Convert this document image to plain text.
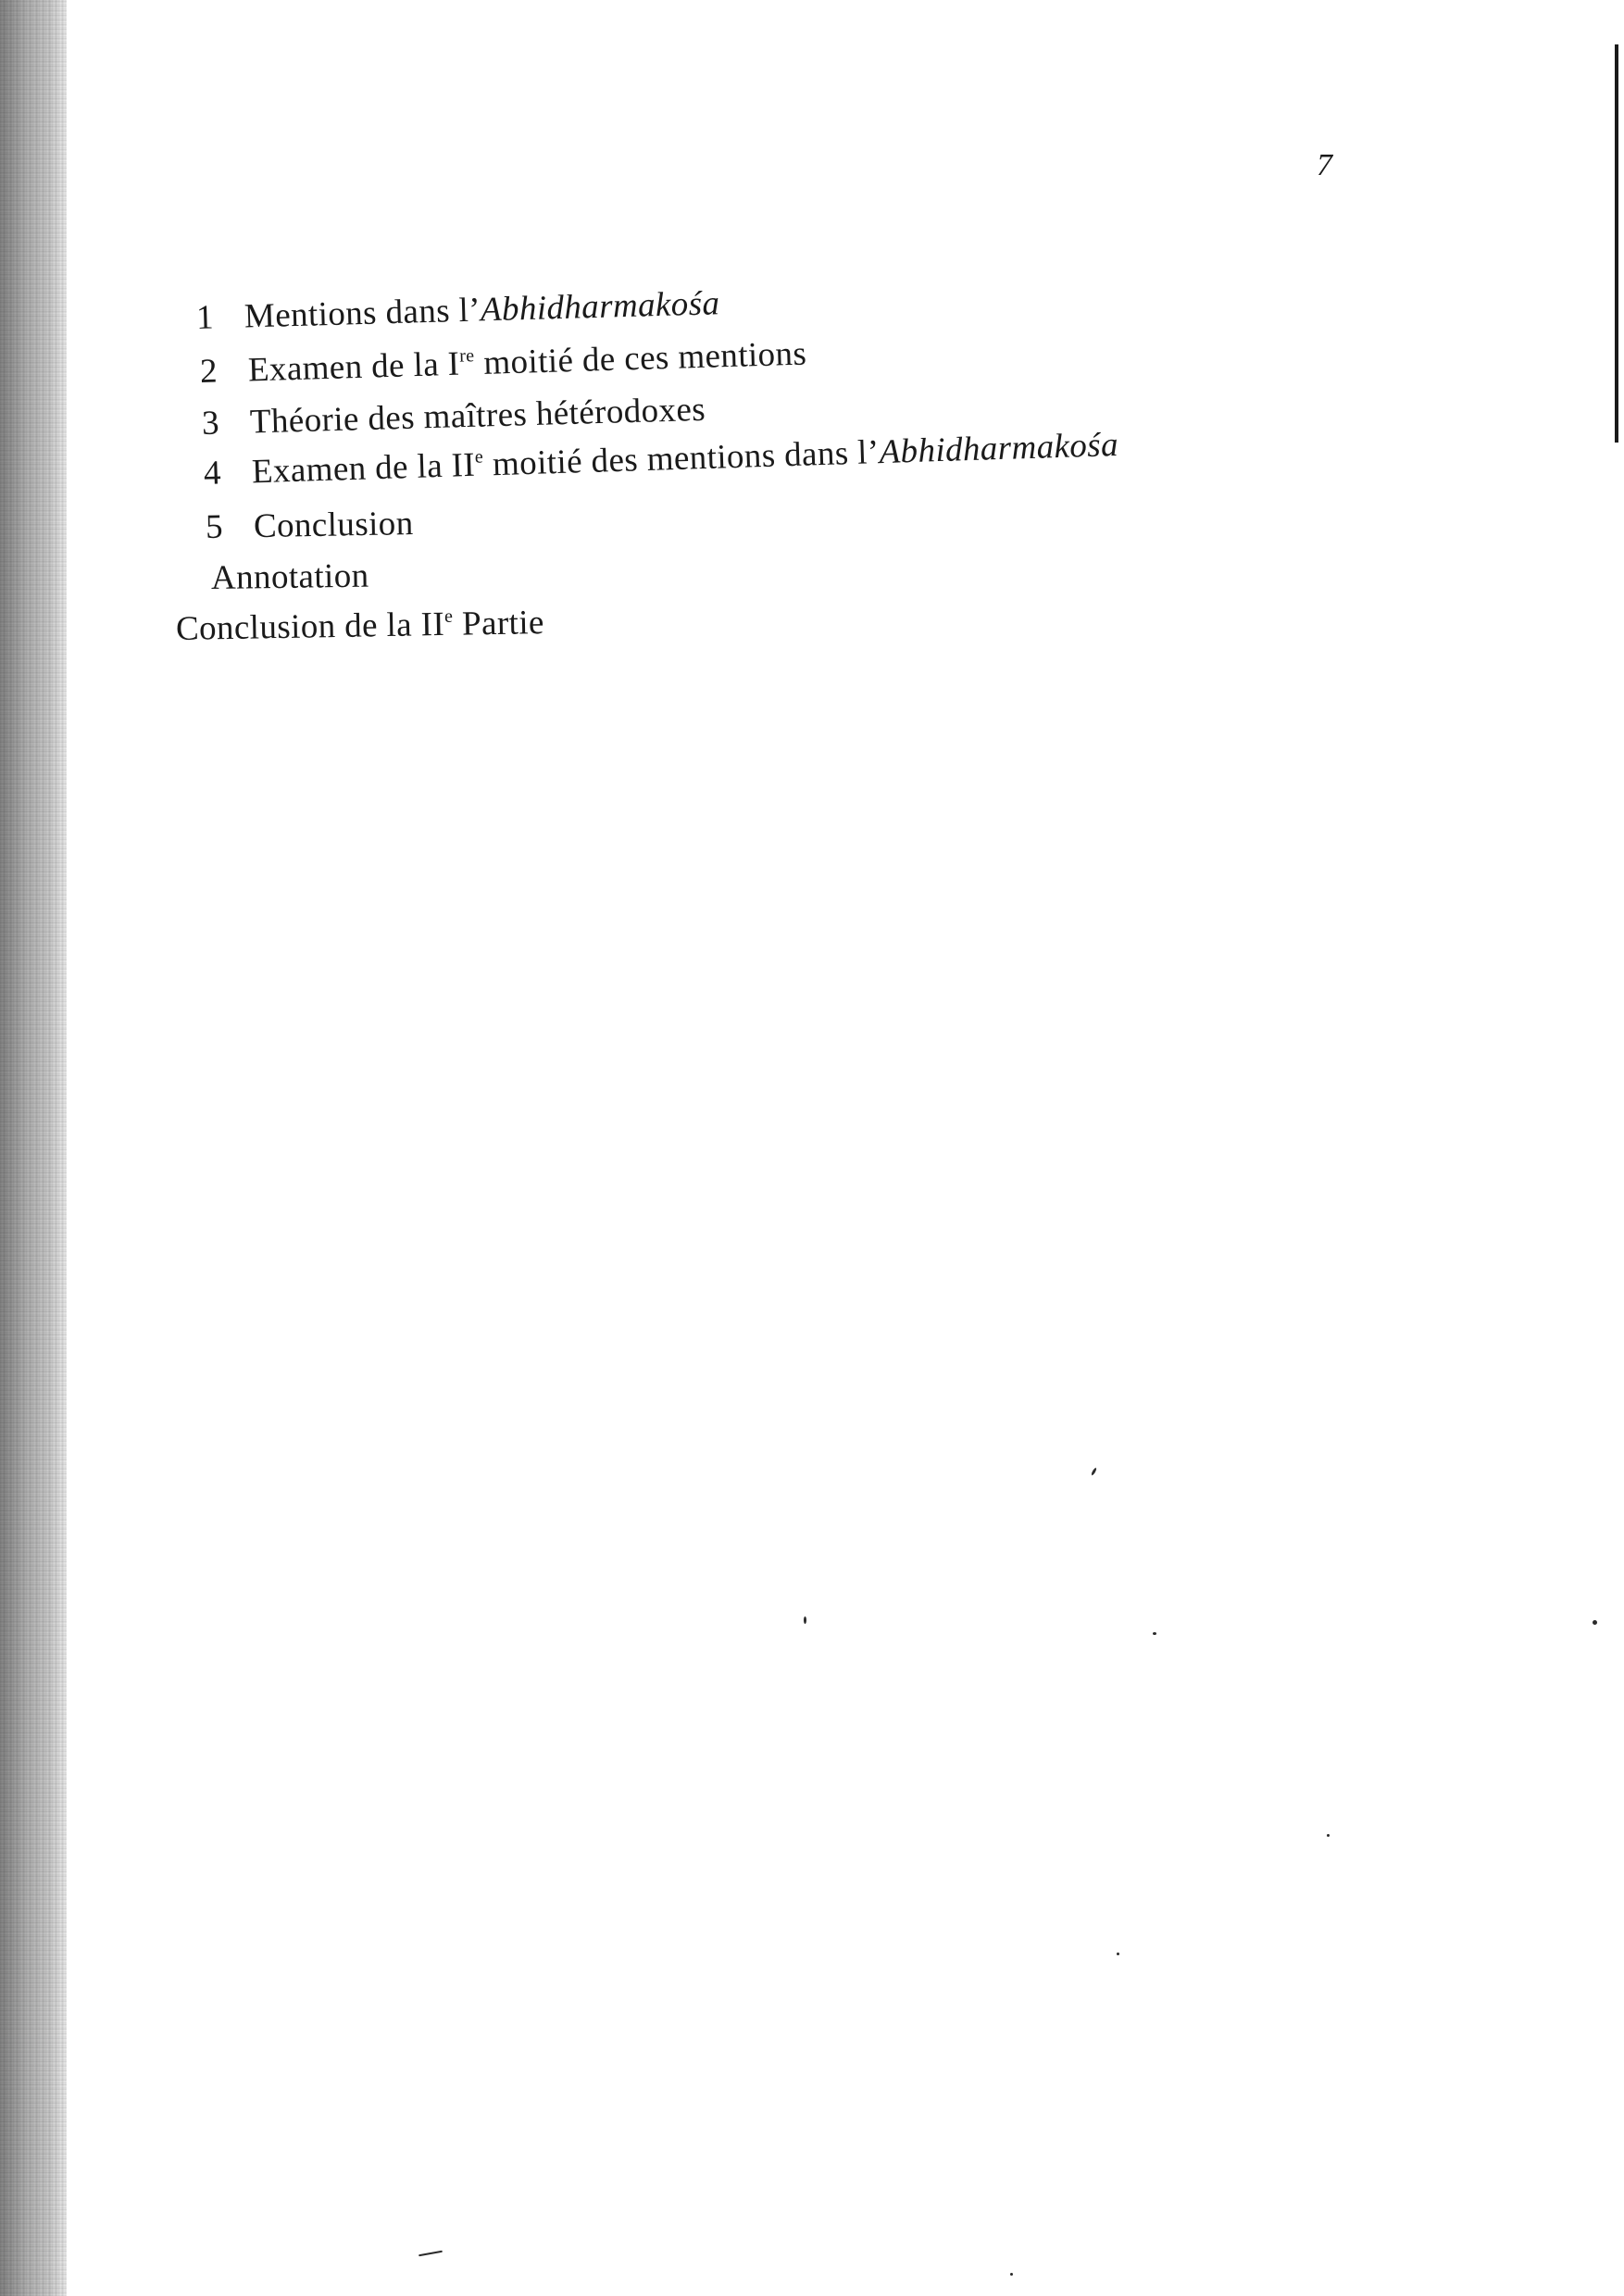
7
1 Mentions dans l’Abhidharmakośa
2 Examen de la Ire moitié de ces mentions
3 Théorie des maîtres hétérodoxes
4 Examen de la IIe moitié des mentions dans l’Abhidharmakośa
5 Conclusion
Annotation
Conclusion de la IIe Partie
